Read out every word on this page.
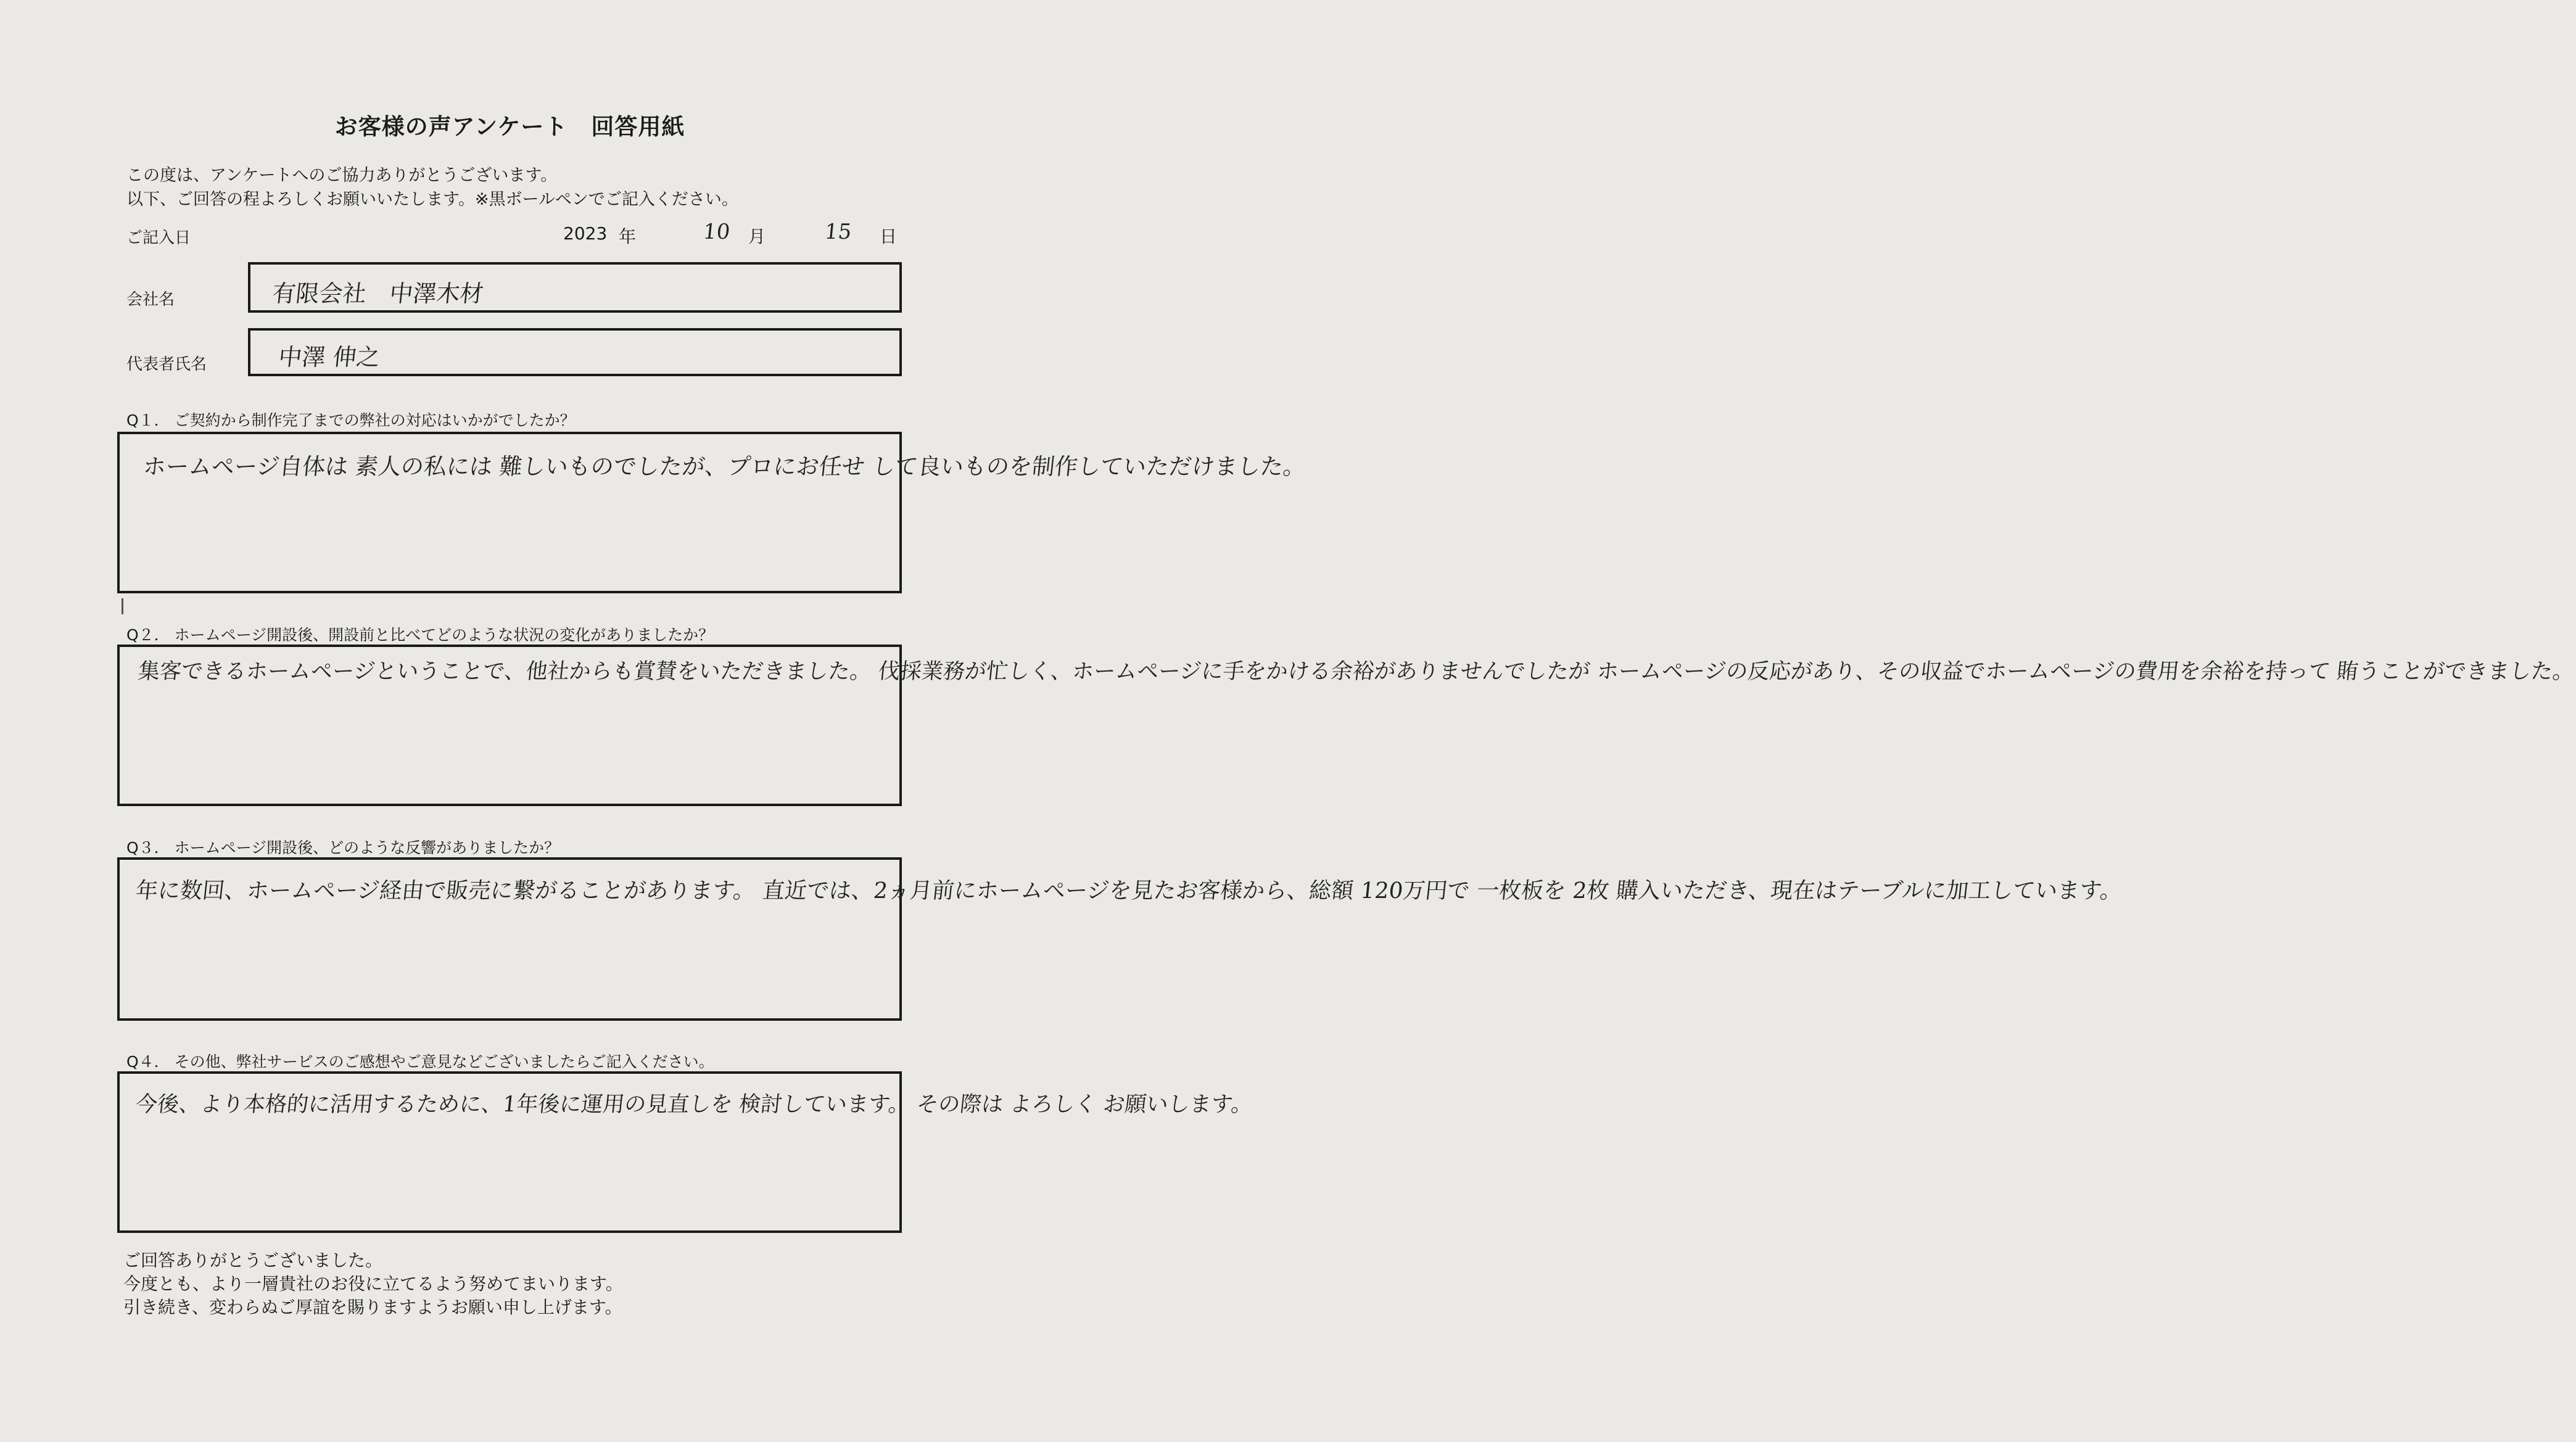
お客様の声アンケート　回答用紙
この度は、アンケートへのご協力ありがとうございます。
以下、ご回答の程よろしくお願いいたします。※黒ボールペンでご記入ください。
ご記入日	2023 年	10 月	15 日
会社名	有限会社　中澤木材
代表者氏名	中澤 伸之
Q１． ご契約から制作完了までの弊社の対応はいかがでしたか？
ホームページ自体は 素人の私には 難しいものでしたが、プロにお任せ して良いものを制作していただけました。
Q２． ホームページ開設後、開設前と比べてどのような状況の変化がありましたか？
集客できるホームページということで、他社からも賞賛をいただきました。 伐採業務が忙しく、ホームページに手をかける余裕がありませんでしたが ホームページの反応があり、その収益でホームページの費用を余裕を持って 賄うことができました。
Q３． ホームページ開設後、どのような反響がありましたか？
年に数回、ホームページ経由で販売に繋がることがあります。 直近では、2ヵ月前にホームページを見たお客様から、総額 120万円で 一枚板を 2枚 購入いただき、現在はテーブルに加工しています。
Q４． その他、弊社サービスのご感想やご意見などございましたらご記入ください。
今後、より本格的に活用するために、1年後に運用の見直しを 検討しています。 その際は よろしく お願いします。
ご回答ありがとうございました。
今度とも、より一層貴社のお役に立てるよう努めてまいります。
引き続き、変わらぬご厚誼を賜りますようお願い申し上げます。
